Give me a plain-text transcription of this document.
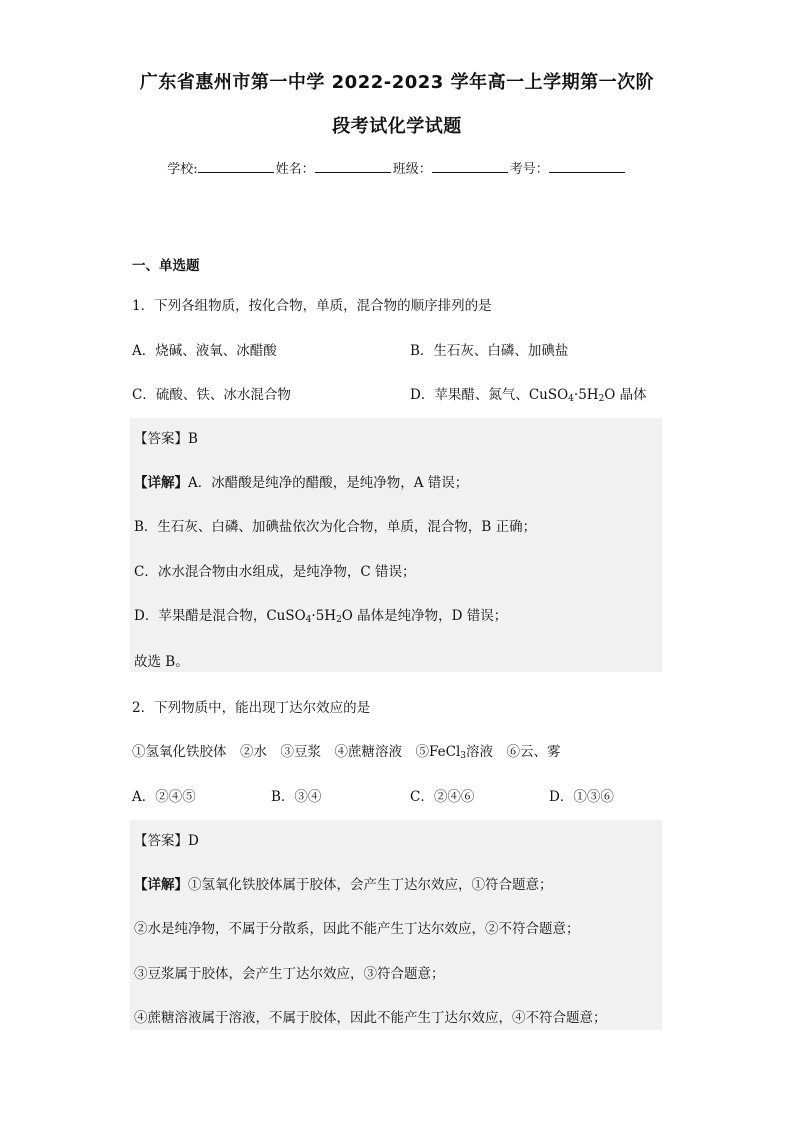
广东省惠州市第一中学 2022-2023 学年高一上学期第一次阶
段考试化学试题
学校:	姓名：	班级：	考号：
一、单选题
1．下列各组物质，按化合物，单质，混合物的顺序排列的是
A．烧碱、液氧、冰醋酸	B．生石灰、白磷、加碘盐
C．硫酸、铁、冰水混合物	D．苹果醋、氮气、$CuSO_4\cdot 5H_2O$ 晶体
【答案】B
【详解】A．冰醋酸是纯净的醋酸，是纯净物，A 错误；
B．生石灰、白磷、加碘盐依次为化合物，单质，混合物，B 正确；
C．冰水混合物由水组成，是纯净物，C 错误；
D．苹果醋是混合物，$CuSO_4\cdot 5H_2O$ 晶体是纯净物，D 错误；
故选 B。
2．下列物质中，能出现丁达尔效应的是
①氢氧化铁胶体　②水　③豆浆　④蔗糖溶液　⑤FeCl$_3$溶液　⑥云、雾
A．②④⑤	B．③④	C．②④⑥	D．①③⑥
【答案】D
【详解】①氢氧化铁胶体属于胶体，会产生丁达尔效应，①符合题意；
②水是纯净物，不属于分散系，因此不能产生丁达尔效应，②不符合题意；
③豆浆属于胶体，会产生丁达尔效应，③符合题意；
④蔗糖溶液属于溶液，不属于胶体，因此不能产生丁达尔效应，④不符合题意；
